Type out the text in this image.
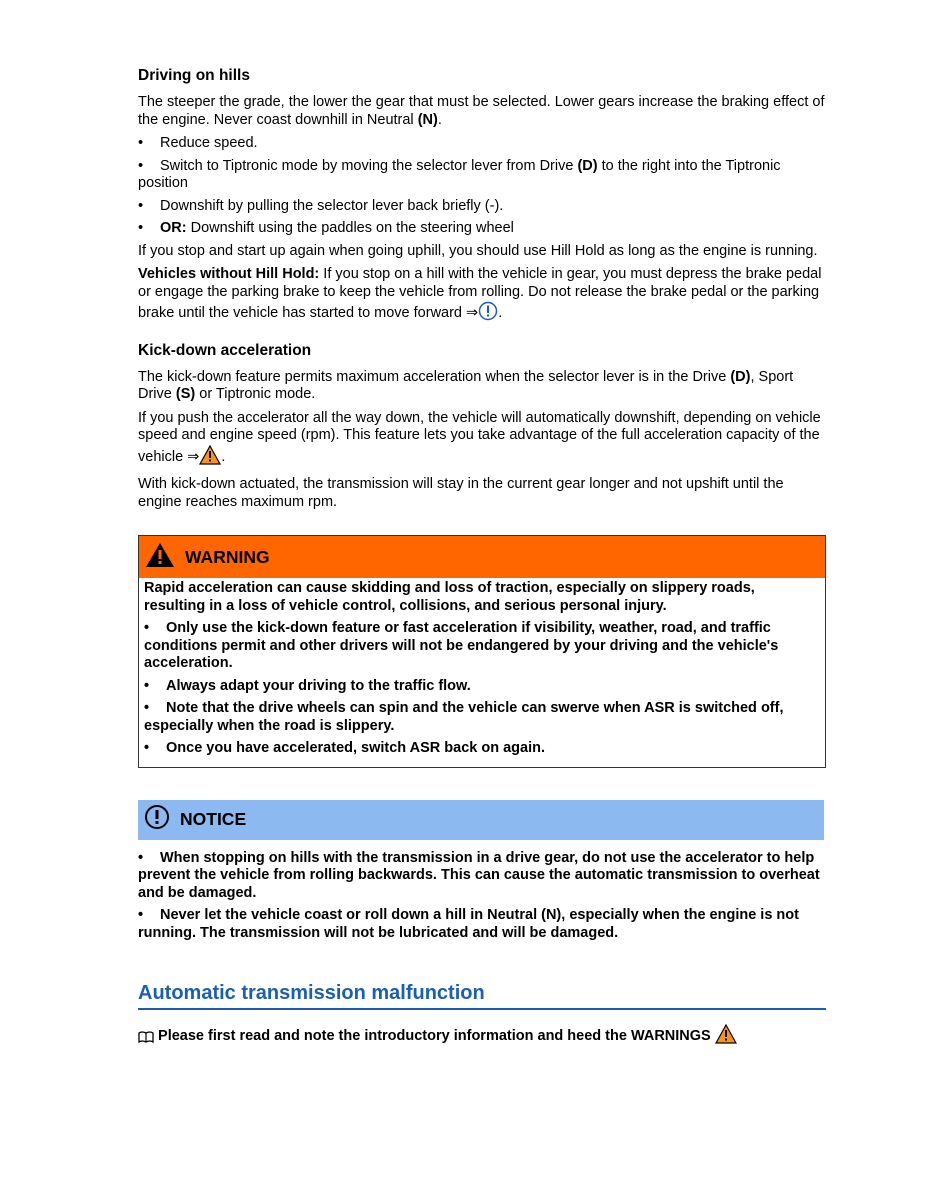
Driving on hills

The steeper the grade, the lower the gear that must be selected. Lower gears increase the braking effect of the engine. Never coast downhill in Neutral (N).

• Reduce speed.
• Switch to Tiptronic mode by moving the selector lever from Drive (D) to the right into the Tiptronic position
• Downshift by pulling the selector lever back briefly (-).
• OR: Downshift using the paddles on the steering wheel

If you stop and start up again when going uphill, you should use Hill Hold as long as the engine is running.

Vehicles without Hill Hold: If you stop on a hill with the vehicle in gear, you must depress the brake pedal or engage the parking brake to keep the vehicle from rolling. Do not release the brake pedal or the parking brake until the vehicle has started to move forward ⇒ .

Kick-down acceleration

The kick-down feature permits maximum acceleration when the selector lever is in the Drive (D), Sport Drive (S) or Tiptronic mode.

If you push the accelerator all the way down, the vehicle will automatically downshift, depending on vehicle speed and engine speed (rpm). This feature lets you take advantage of the full acceleration capacity of the vehicle ⇒ .

With kick-down actuated, the transmission will stay in the current gear longer and not upshift until the engine reaches maximum rpm.

WARNING

Rapid acceleration can cause skidding and loss of traction, especially on slippery roads, resulting in a loss of vehicle control, collisions, and serious personal injury.

• Only use the kick-down feature or fast acceleration if visibility, weather, road, and traffic conditions permit and other drivers will not be endangered by your driving and the vehicle's acceleration.
• Always adapt your driving to the traffic flow.
• Note that the drive wheels can spin and the vehicle can swerve when ASR is switched off, especially when the road is slippery.
• Once you have accelerated, switch ASR back on again.
NOTICE
• When stopping on hills with the transmission in a drive gear, do not use the accelerator to help prevent the vehicle from rolling backwards. This can cause the automatic transmission to overheat and be damaged.
• Never let the vehicle coast or roll down a hill in Neutral (N), especially when the engine is not running. The transmission will not be lubricated and will be damaged.
Automatic transmission malfunction
Please first read and note the introductory information and heed the WARNINGS
